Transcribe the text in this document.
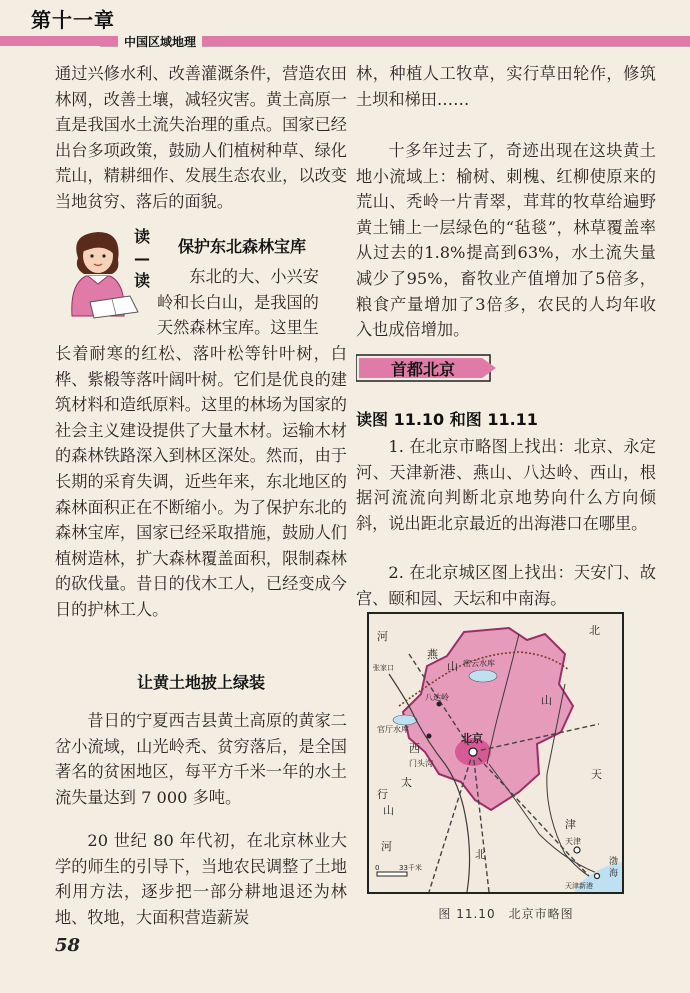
第十一章
中国区域地理

通过兴修水利、改善灌溉条件，营造农田林网，改善土壤，减轻灾害。黄土高原一直是我国水土流失治理的重点。国家已经出台多项政策，鼓励人们植树种草、绿化荒山，精耕细作、发展生态农业，以改变当地贫穷、落后的面貌。

读
—
读
保护东北森林宝库

东北的大、小兴安

岭和长白山，是我国的

天然森林宝库。这里生

长着耐寒的红松、落叶松等针叶树，白桦、紫椴等落叶阔叶树。它们是优良的建筑材料和造纸原料。这里的林场为国家的社会主义建设提供了大量木材。运输木材的森林铁路深入到林区深处。然而，由于长期的采育失调，近些年来，东北地区的森林面积正在不断缩小。为了保护东北的森林宝库，国家已经采取措施，鼓励人们植树造林，扩大森林覆盖面积，限制森林的砍伐量。昔日的伐木工人，已经变成今日的护林工人。

让黄土地披上绿装

昔日的宁夏西吉县黄土高原的黄家二岔小流域，山光岭秃、贫穷落后，是全国著名的贫困地区，每平方千米一年的水土流失量达到 7 000 多吨。

20 世纪 80 年代初，在北京林业大学的师生的引导下，当地农民调整了土地利用方法，逐步把一部分耕地退还为林地、牧地，大面积营造薪炭

58

林，种植人工牧草，实行草田轮作，修筑土坝和梯田……

十多年过去了，奇迹出现在这块黄土地小流域上：榆树、刺槐、红柳使原来的荒山、秃岭一片青翠，茸茸的牧草给遍野黄土铺上一层绿色的“毡毯”，林草覆盖率从过去的1.8%提高到63%，水土流失量减少了95%，畜牧业产值增加了5倍多，粮食产量增加了3倍多，农民的人均年收入也成倍增加。

首都北京
读图 11.10 和图 11.11

1. 在北京市略图上找出：北京、永定河、天津新港、燕山、八达岭、西山，根据河流流向判断北京地势向什么方向倾斜，说出距北京最近的出海港口在哪里。

2. 在北京城区图上找出：天安门、故宫、颐和园、天坛和中南海。

河	北
燕
山
山
密云水库
八达岭
官厅水库
西
门头沟
北京
太
行
山
天
河
北
津
海
渤
天津新港
天津
张家口
0	33千米
图 11.10　北京市略图
